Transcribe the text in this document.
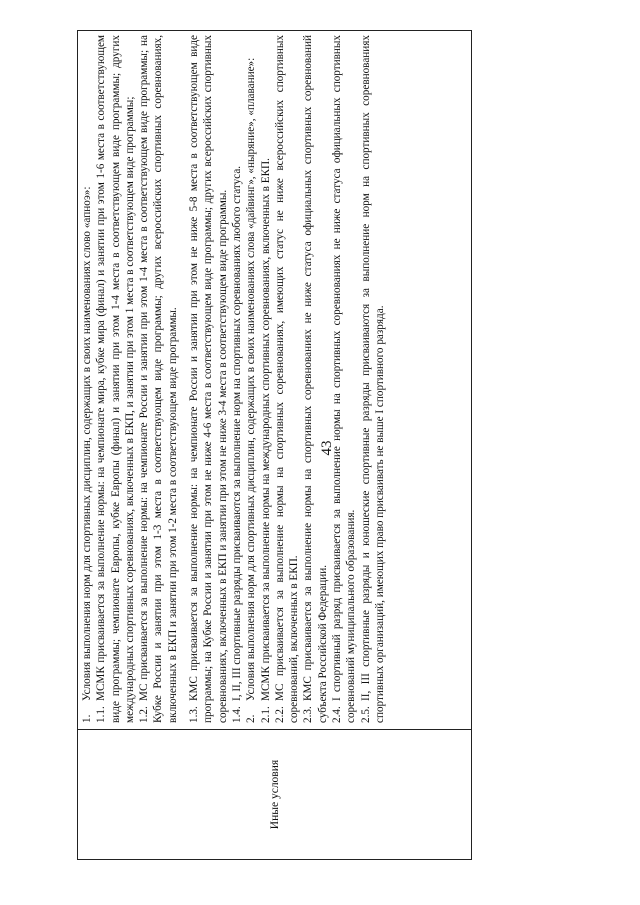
43
Иные условия

1.Условия выполнения норм для спортивных дисциплин, содержащих в своих наименованиях слово «апноэ»:

1.1.МСМК присваивается за выполнение нормы: на чемпионате мира, кубке мира (финал) и занятии при этом 1-6 места в соответствующем виде программы; чемпионате Европы, кубке Европы (финал) и занятии при этом 1-4 места в соответствующем виде программы; других международных спортивных соревнованиях, включенных в ЕКП, и занятии при этом 1 места в соответствующем виде программы; 1.2.МС присваивается за выполнение нормы: на чемпионате России и занятии при этом 1-4 места в соответствующем виде программы; на Кубке России и занятии при этом 1-3 места в соответствующем виде программы; других всероссийских спортивных соревнованиях, включенных в ЕКП и занятии при этом 1-2 места в соответствующем виде программы. 1.3.КМС присваивается за выполнение нормы: на чемпионате России и занятии при этом не ниже 5-8 места в соответствующем виде программы; на Кубке России и занятии при этом не ниже 4-6 места в соответствующем виде программы; других всероссийских спортивных соревнованиях, включенных в ЕКП и занятии при этом не ниже 3-4 места в соответствующем виде программы. 1.4.I, II, III спортивные разряды присваиваются за выполнение норм на спортивных соревнованиях любого статуса.

2.Условия выполнения норм для спортивных дисциплин, содержащих в своих наименованиях слова «дайвинг», «ныряние», «плавание»:

2.1.МСМК присваивается за выполнение нормы на международных спортивных соревнованиях, включенных в ЕКП.

2.2.МС присваивается за выполнение нормы на спортивных соревнованиях, имеющих статус не ниже всероссийских спортивных соревнований, включенных в ЕКП. 2.3.КМС присваивается за выполнение нормы на спортивных соревнованиях не ниже статуса официальных спортивных соревнований субъекта Российской Федерации. 2.4.I спортивный разряд присваивается за выполнение нормы на спортивных соревнованиях не ниже статуса официальных спортивных соревнований муниципального образования. 2.5.II, III спортивные разряды и юношеские спортивные разряды присваиваются за выполнение норм на спортивных соревнованиях спортивных организаций, имеющих право присваивать не выше I спортивного разряда.
